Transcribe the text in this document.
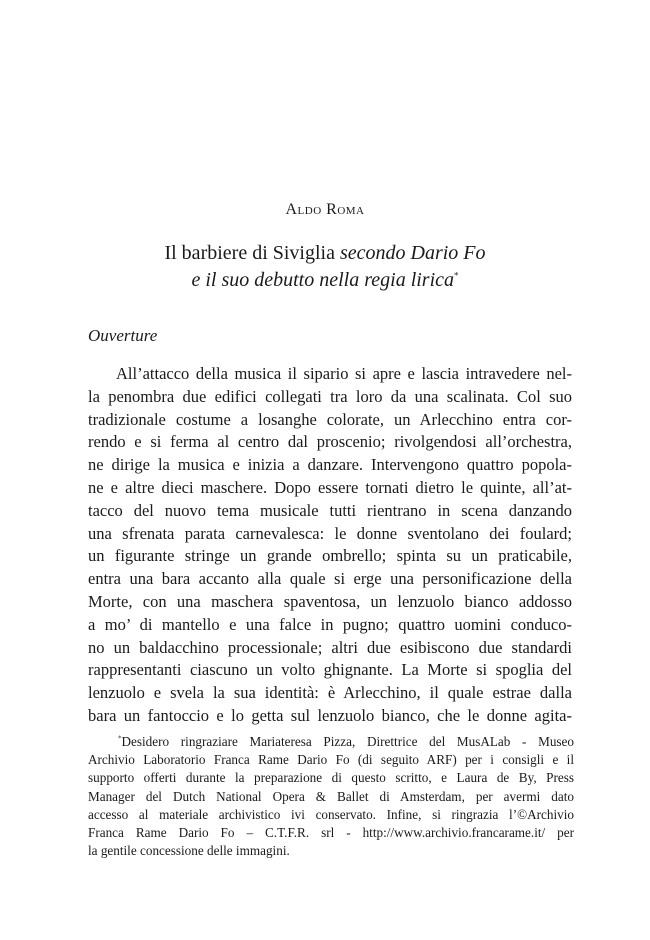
Aldo Roma
Il barbiere di Siviglia secondo Dario Fo
e il suo debutto nella regia lirica*
Ouverture
All’attacco della musica il sipario si apre e lascia intravedere nel-
la penombra due edifici collegati tra loro da una scalinata. Col suo
tradizionale costume a losanghe colorate, un Arlecchino entra cor-
rendo e si ferma al centro dal proscenio; rivolgendosi all’orchestra,
ne dirige la musica e inizia a danzare. Intervengono quattro popola-
ne e altre dieci maschere. Dopo essere tornati dietro le quinte, all’at-
tacco del nuovo tema musicale tutti rientrano in scena danzando
una sfrenata parata carnevalesca: le donne sventolano dei foulard;
un figurante stringe un grande ombrello; spinta su un praticabile,
entra una bara accanto alla quale si erge una personificazione della
Morte, con una maschera spaventosa, un lenzuolo bianco addosso
a mo’ di mantello e una falce in pugno; quattro uomini conduco-
no un baldacchino processionale; altri due esibiscono due standardi
rappresentanti ciascuno un volto ghignante. La Morte si spoglia del
lenzuolo e svela la sua identità: è Arlecchino, il quale estrae dalla
bara un fantoccio e lo getta sul lenzuolo bianco, che le donne agita-
*Desidero ringraziare Mariateresa Pizza, Direttrice del MusALab - Museo
Archivio Laboratorio Franca Rame Dario Fo (di seguito ARF) per i consigli e il
supporto offerti durante la preparazione di questo scritto, e Laura de By, Press
Manager del Dutch National Opera & Ballet di Amsterdam, per avermi dato
accesso al materiale archivistico ivi conservato. Infine, si ringrazia l’©Archivio
Franca Rame Dario Fo – C.T.F.R. srl - http://www.archivio.francarame.it/ per
la gentile concessione delle immagini.
